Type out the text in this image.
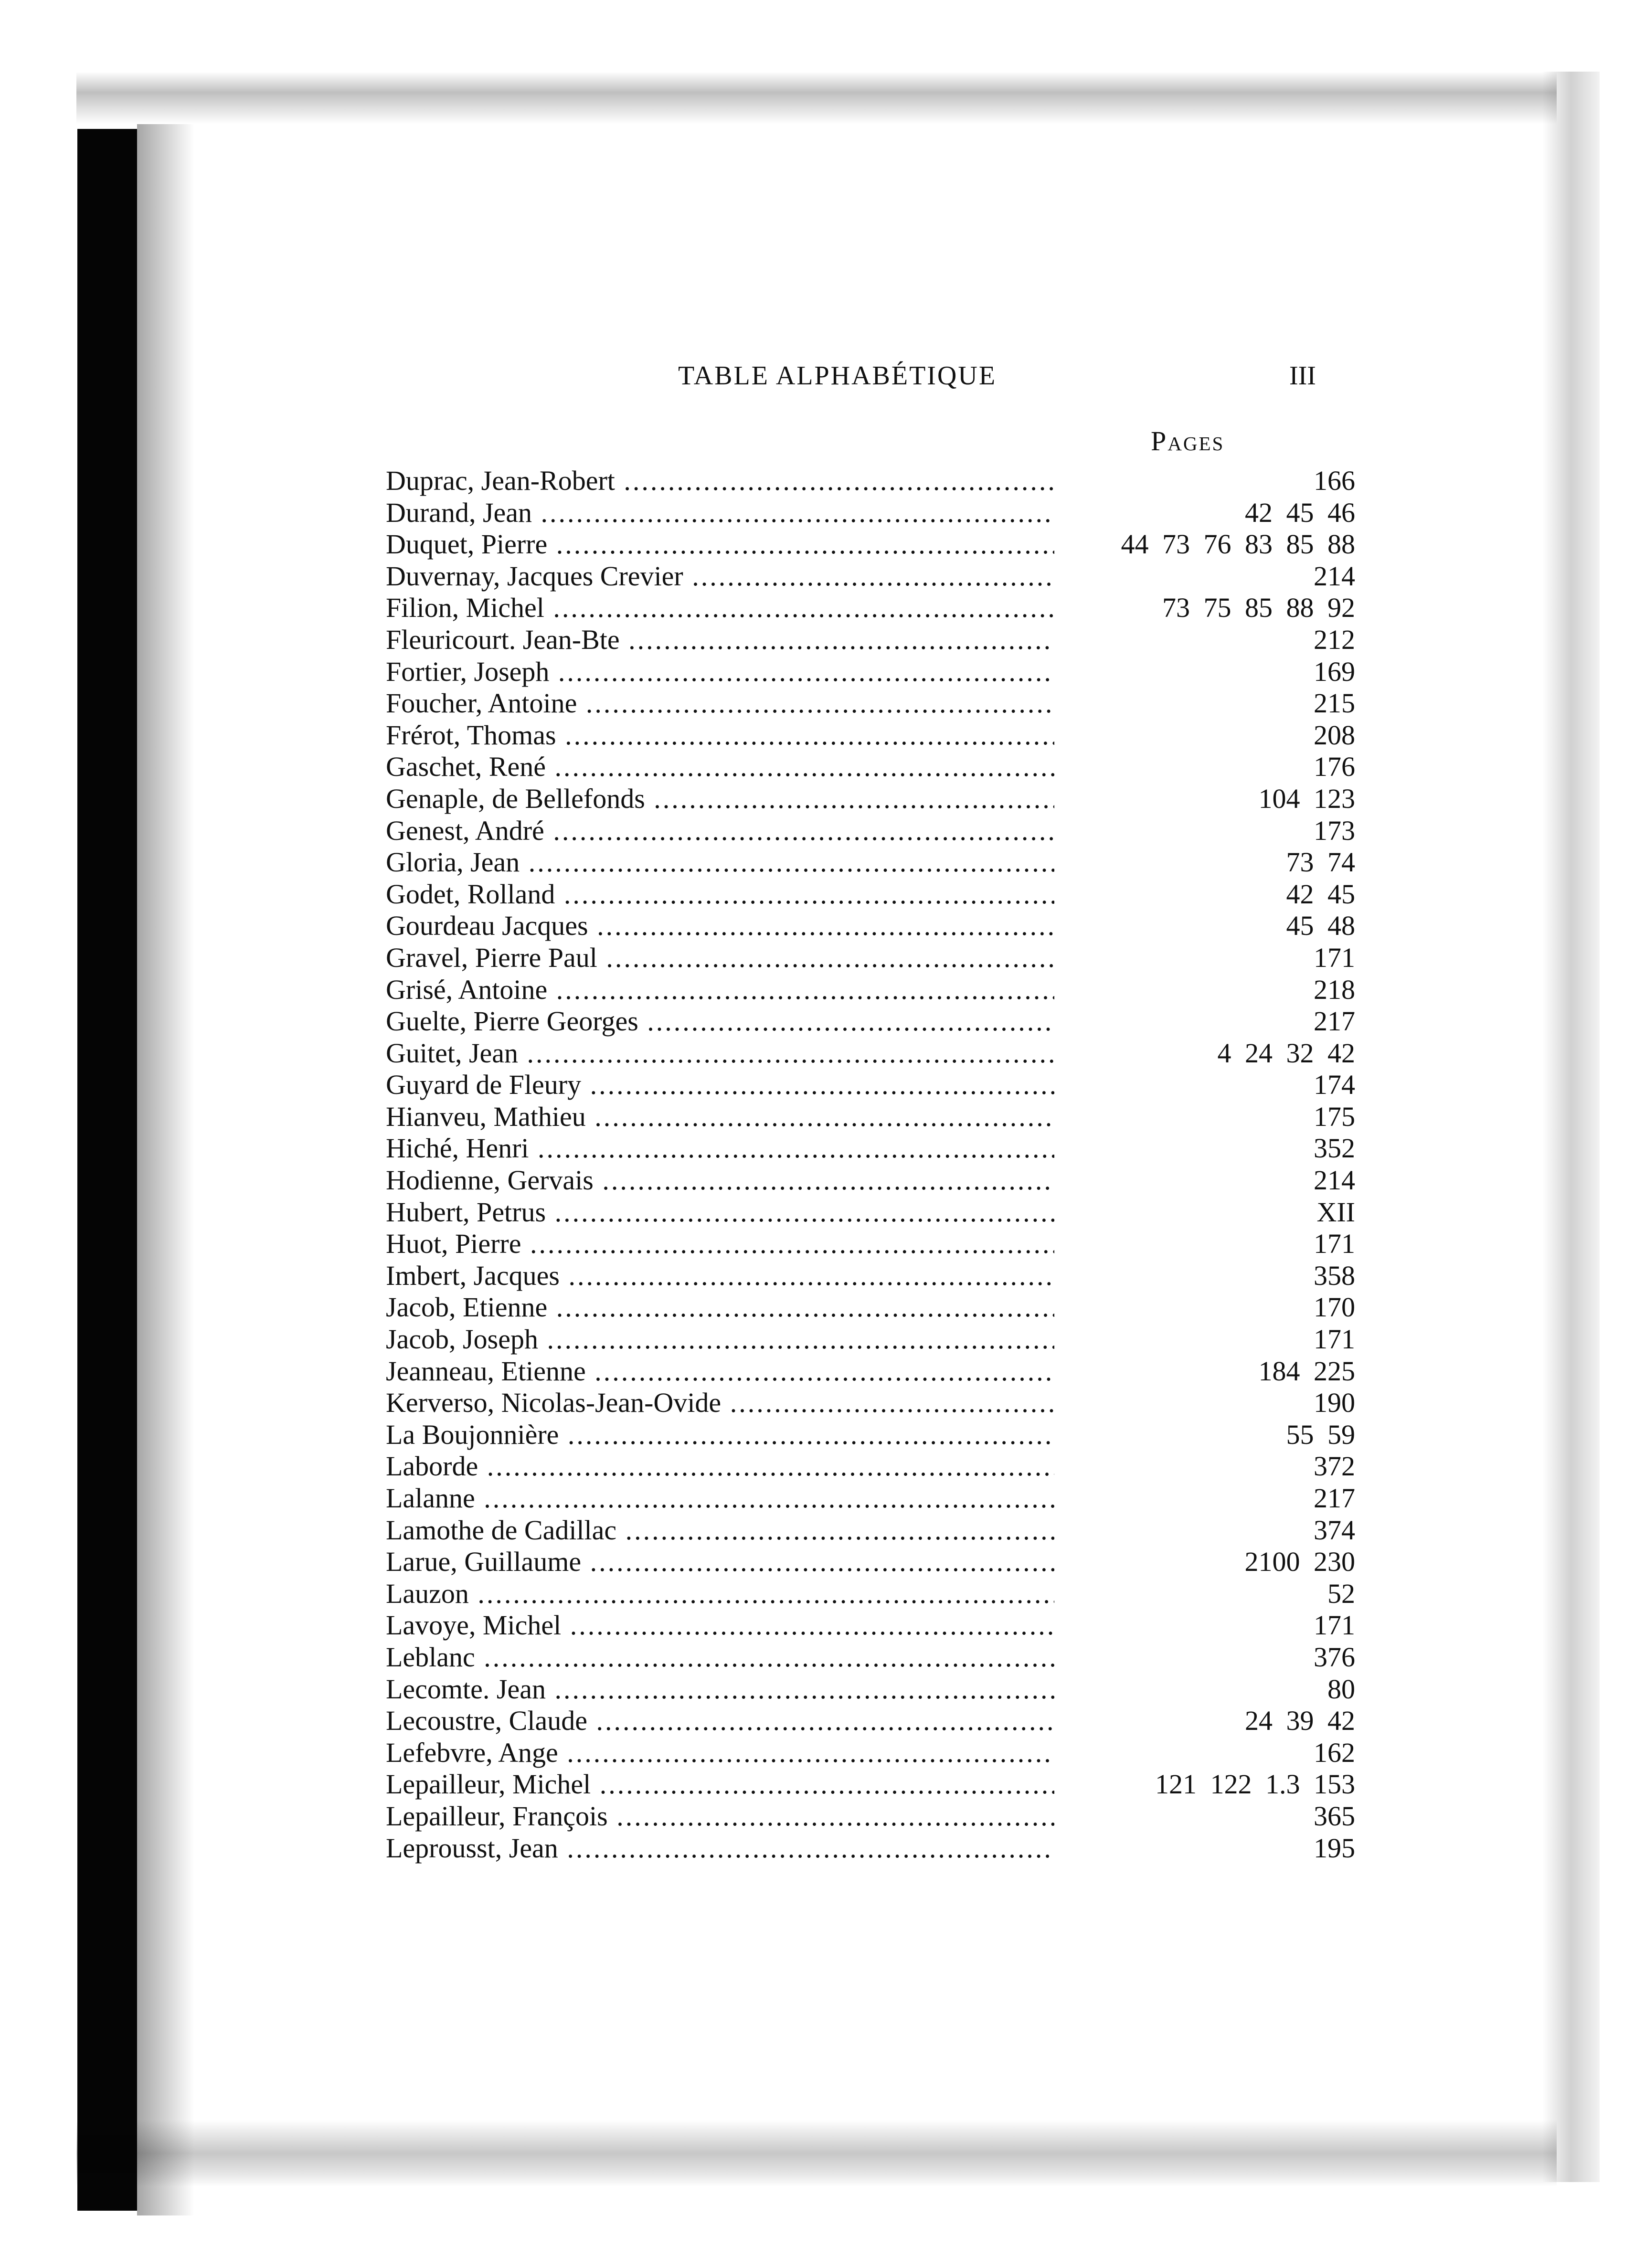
TABLE ALPHABÉTIQUE	III
Pages
Duprac, Jean-Robert .....	166
Durand, Jean .....	42 45 46
Duquet, Pierre .....	44 73 76 83 85 88
Duvernay, Jacques Crevier .....	214
Filion, Michel .....	73 75 85 88 92
Fleuricourt. Jean-Bte .....	212
Fortier, Joseph .....	169
Foucher, Antoine .....	215
Frérot, Thomas .....	208
Gaschet, René .....	176
Genaple, de Bellefonds .....	104 123
Genest, André .....	173
Gloria, Jean .....	73 74
Godet, Rolland .....	42 45
Gourdeau Jacques .....	45 48
Gravel, Pierre Paul .....	171
Grisé, Antoine .....	218
Guelte, Pierre Georges .....	217
Guitet, Jean .....	4 24 32 42
Guyard de Fleury .....	174
Hianveu, Mathieu .....	175
Hiché, Henri .....	352
Hodienne, Gervais .....	214
Hubert, Petrus .....	XII
Huot, Pierre .....	171
Imbert, Jacques .....	358
Jacob, Etienne .....	170
Jacob, Joseph .....	171
Jeanneau, Etienne .....	184 225
Kerverso, Nicolas-Jean-Ovide .....	190
La Boujonnière .....	55 59
Laborde .....	372
Lalanne .....	217
Lamothe de Cadillac .....	374
Larue, Guillaume .....	2100 230
Lauzon .....	52
Lavoye, Michel .....	171
Leblanc .....	376
Lecomte. Jean .....	80
Lecoustre, Claude .....	24 39 42
Lefebvre, Ange .....	162
Lepailleur, Michel .....	121 122 1.3 153
Lepailleur, François .....	365
Leprousst, Jean .....	195
